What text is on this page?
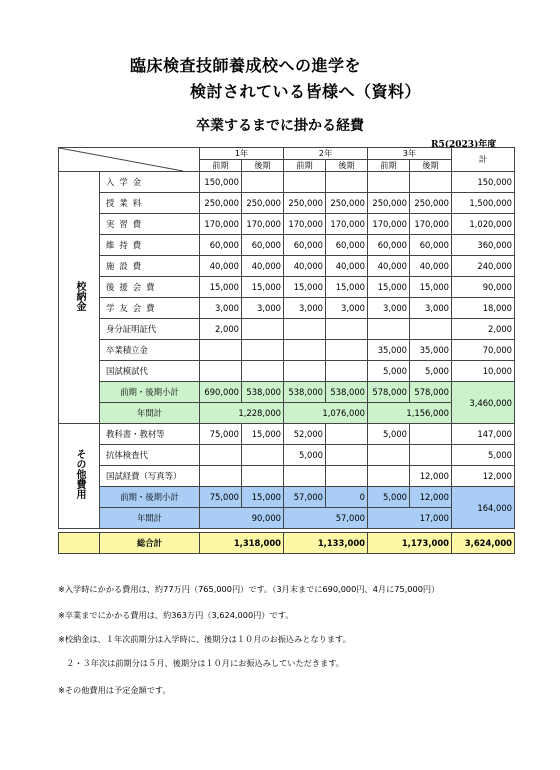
臨床検査技師養成校への進学を
検討されている皆様へ（資料）
卒業するまでに掛かる経費
R5(2023)年度
	1年		2年		3年		計
		前期	後期	前期	後期	前期	後期	
校納金	入学金	150,000						150,000
	授業料	250,000	250,000	250,000	250,000	250,000	250,000	1,500,000
	実習費	170,000	170,000	170,000	170,000	170,000	170,000	1,020,000
	維持費	60,000	60,000	60,000	60,000	60,000	60,000	360,000
	施設費	40,000	40,000	40,000	40,000	40,000	40,000	240,000
	後援会費	15,000	15,000	15,000	15,000	15,000	15,000	90,000
	学友会費	3,000	3,000	3,000	3,000	3,000	3,000	18,000
	身分証明証代	2,000						2,000
	卒業積立金					35,000	35,000	70,000
	国試模試代					5,000	5,000	10,000
	前期・後期小計	690,000	538,000	538,000	538,000	578,000	578,000	3,460,000
	年間計	1,228,000		1,076,000		1,156,000		
その他費用	教科書・教材等	75,000	15,000	52,000		5,000		147,000
	抗体検査代			5,000				5,000
	国試経費（写真等）						12,000	12,000
	前期・後期小計	75,000	15,000	57,000	0	5,000	12,000	164,000
	年間計	90,000		57,000		17,000		

	総合計	1,318,000		1,133,000		1,173,000		3,624,000
※入学時にかかる費用は、約77万円（765,000円）です。（3月末までに690,000円、4月に75,000円）
※卒業までにかかる費用は、約363万円（3,624,000円）です。
※校納金は、１年次前期分は入学時に、後期分は１０月のお振込みとなります。
　２・３年次は前期分は５月、後期分は１０月にお振込みしていただきます。
※その他費用は予定金額です。
